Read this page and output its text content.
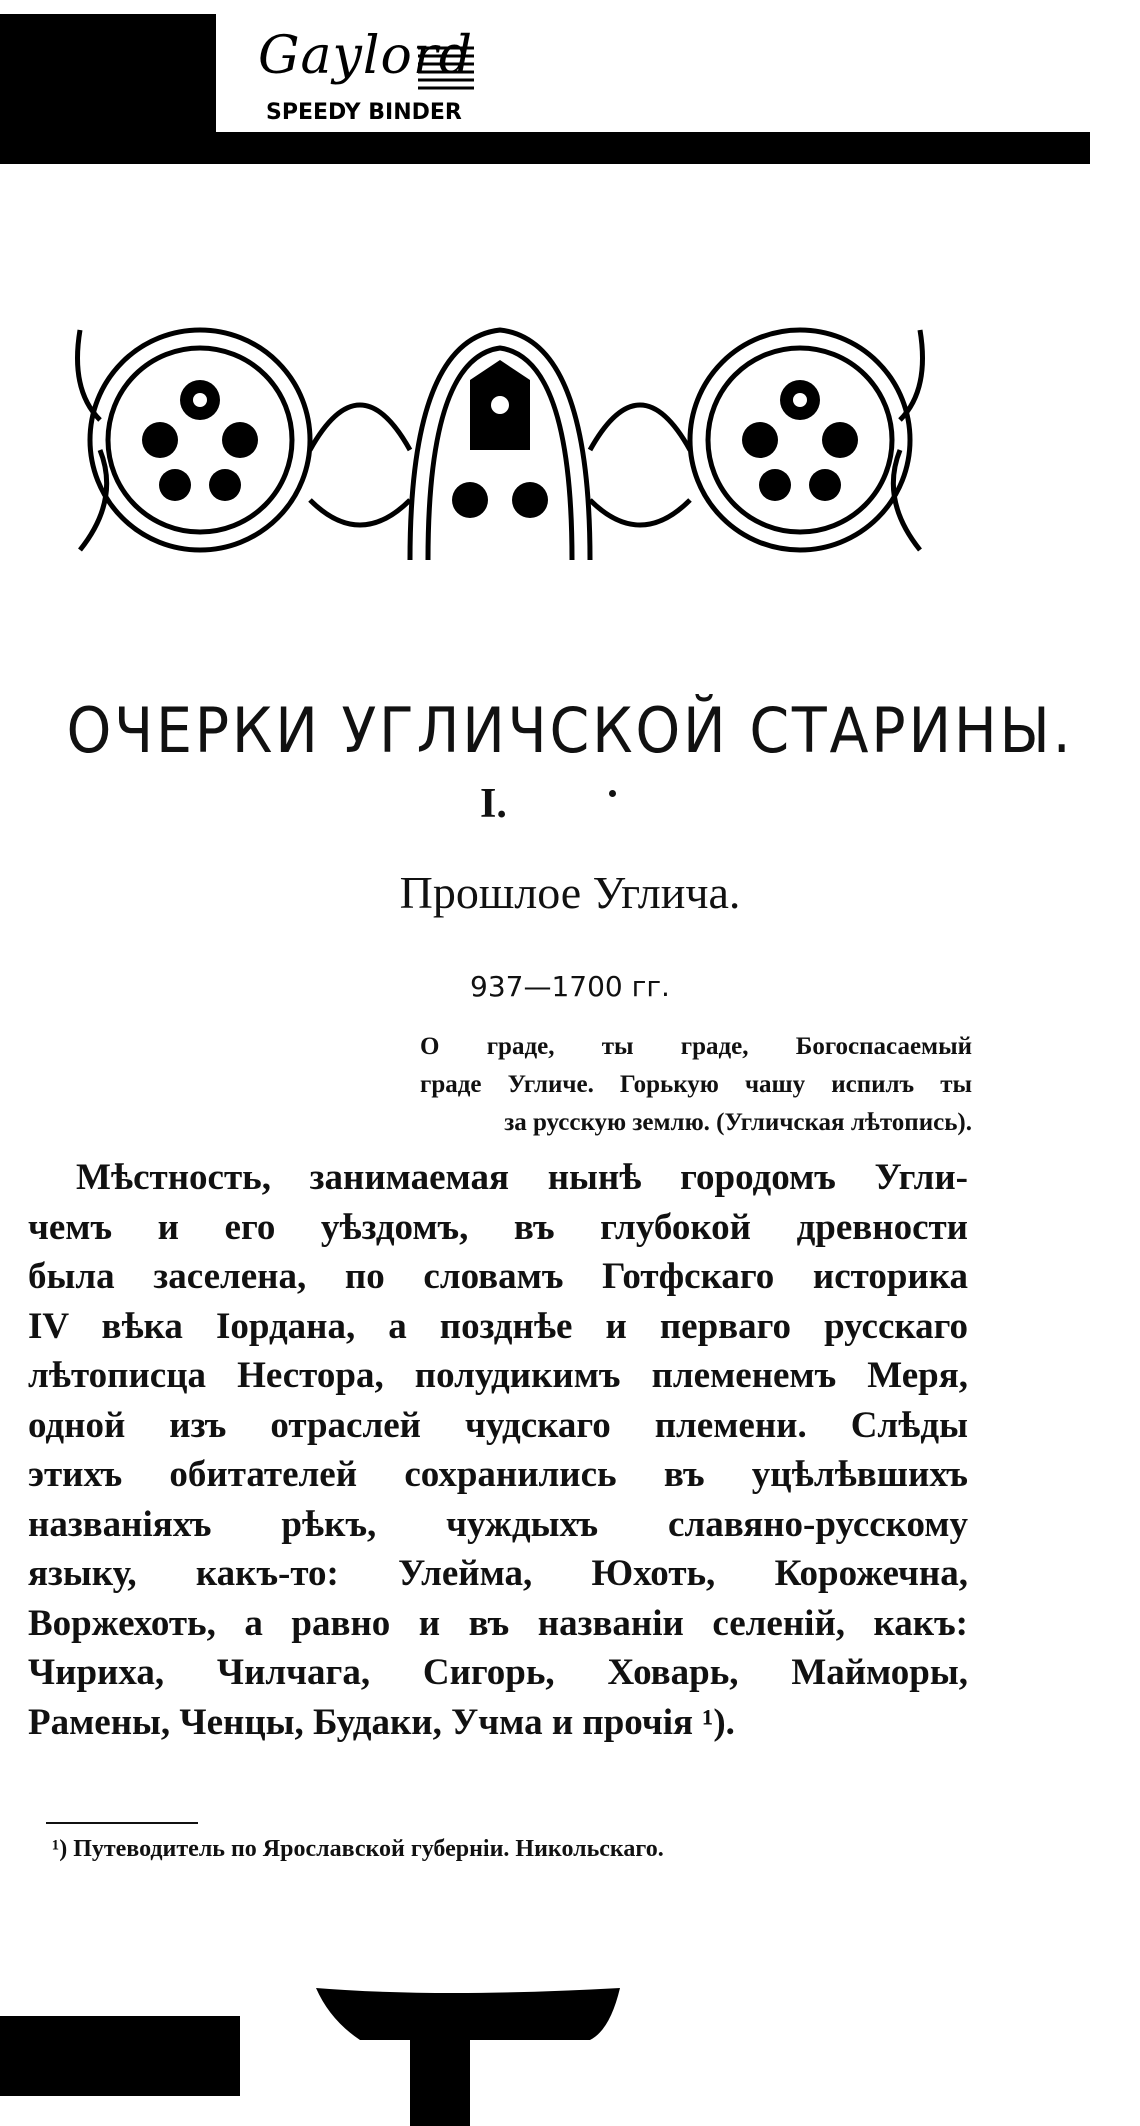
Gaylord
SPEEDY BINDER
ОЧЕРКИ УГЛИЧСКОЙ СТАРИНЫ.
I.
Прошлое Углича.
937—1700 гг.
О граде, ты граде, Богоспасаемый
граде Угличе. Горькую чашу испилъ ты
за русскую землю. (Угличская лѣтопись).
Мѣстность, занимаемая нынѣ городомъ Угли-
чемъ и его уѣздомъ, въ глубокой древности
была заселена, по словамъ Готфскаго историка
IV вѣка Іордана, а позднѣе и перваго русскаго
лѣтописца Нестора, полудикимъ племенемъ Меря,
одной изъ отраслей чудскаго племени. Слѣды
этихъ обитателей сохранились въ уцѣлѣвшихъ
названіяхъ рѣкъ, чуждыхъ славяно-русскому
языку, какъ-то: Улейма, Юхоть, Корожечна,
Воржехоть, а равно и въ названіи селеній, какъ:
Чириха, Чилчага, Сигорь, Ховарь, Майморы,
Рамены, Ченцы, Будаки, Учма и прочія ¹).
¹) Путеводитель по Ярославской губерніи. Никольскаго.
